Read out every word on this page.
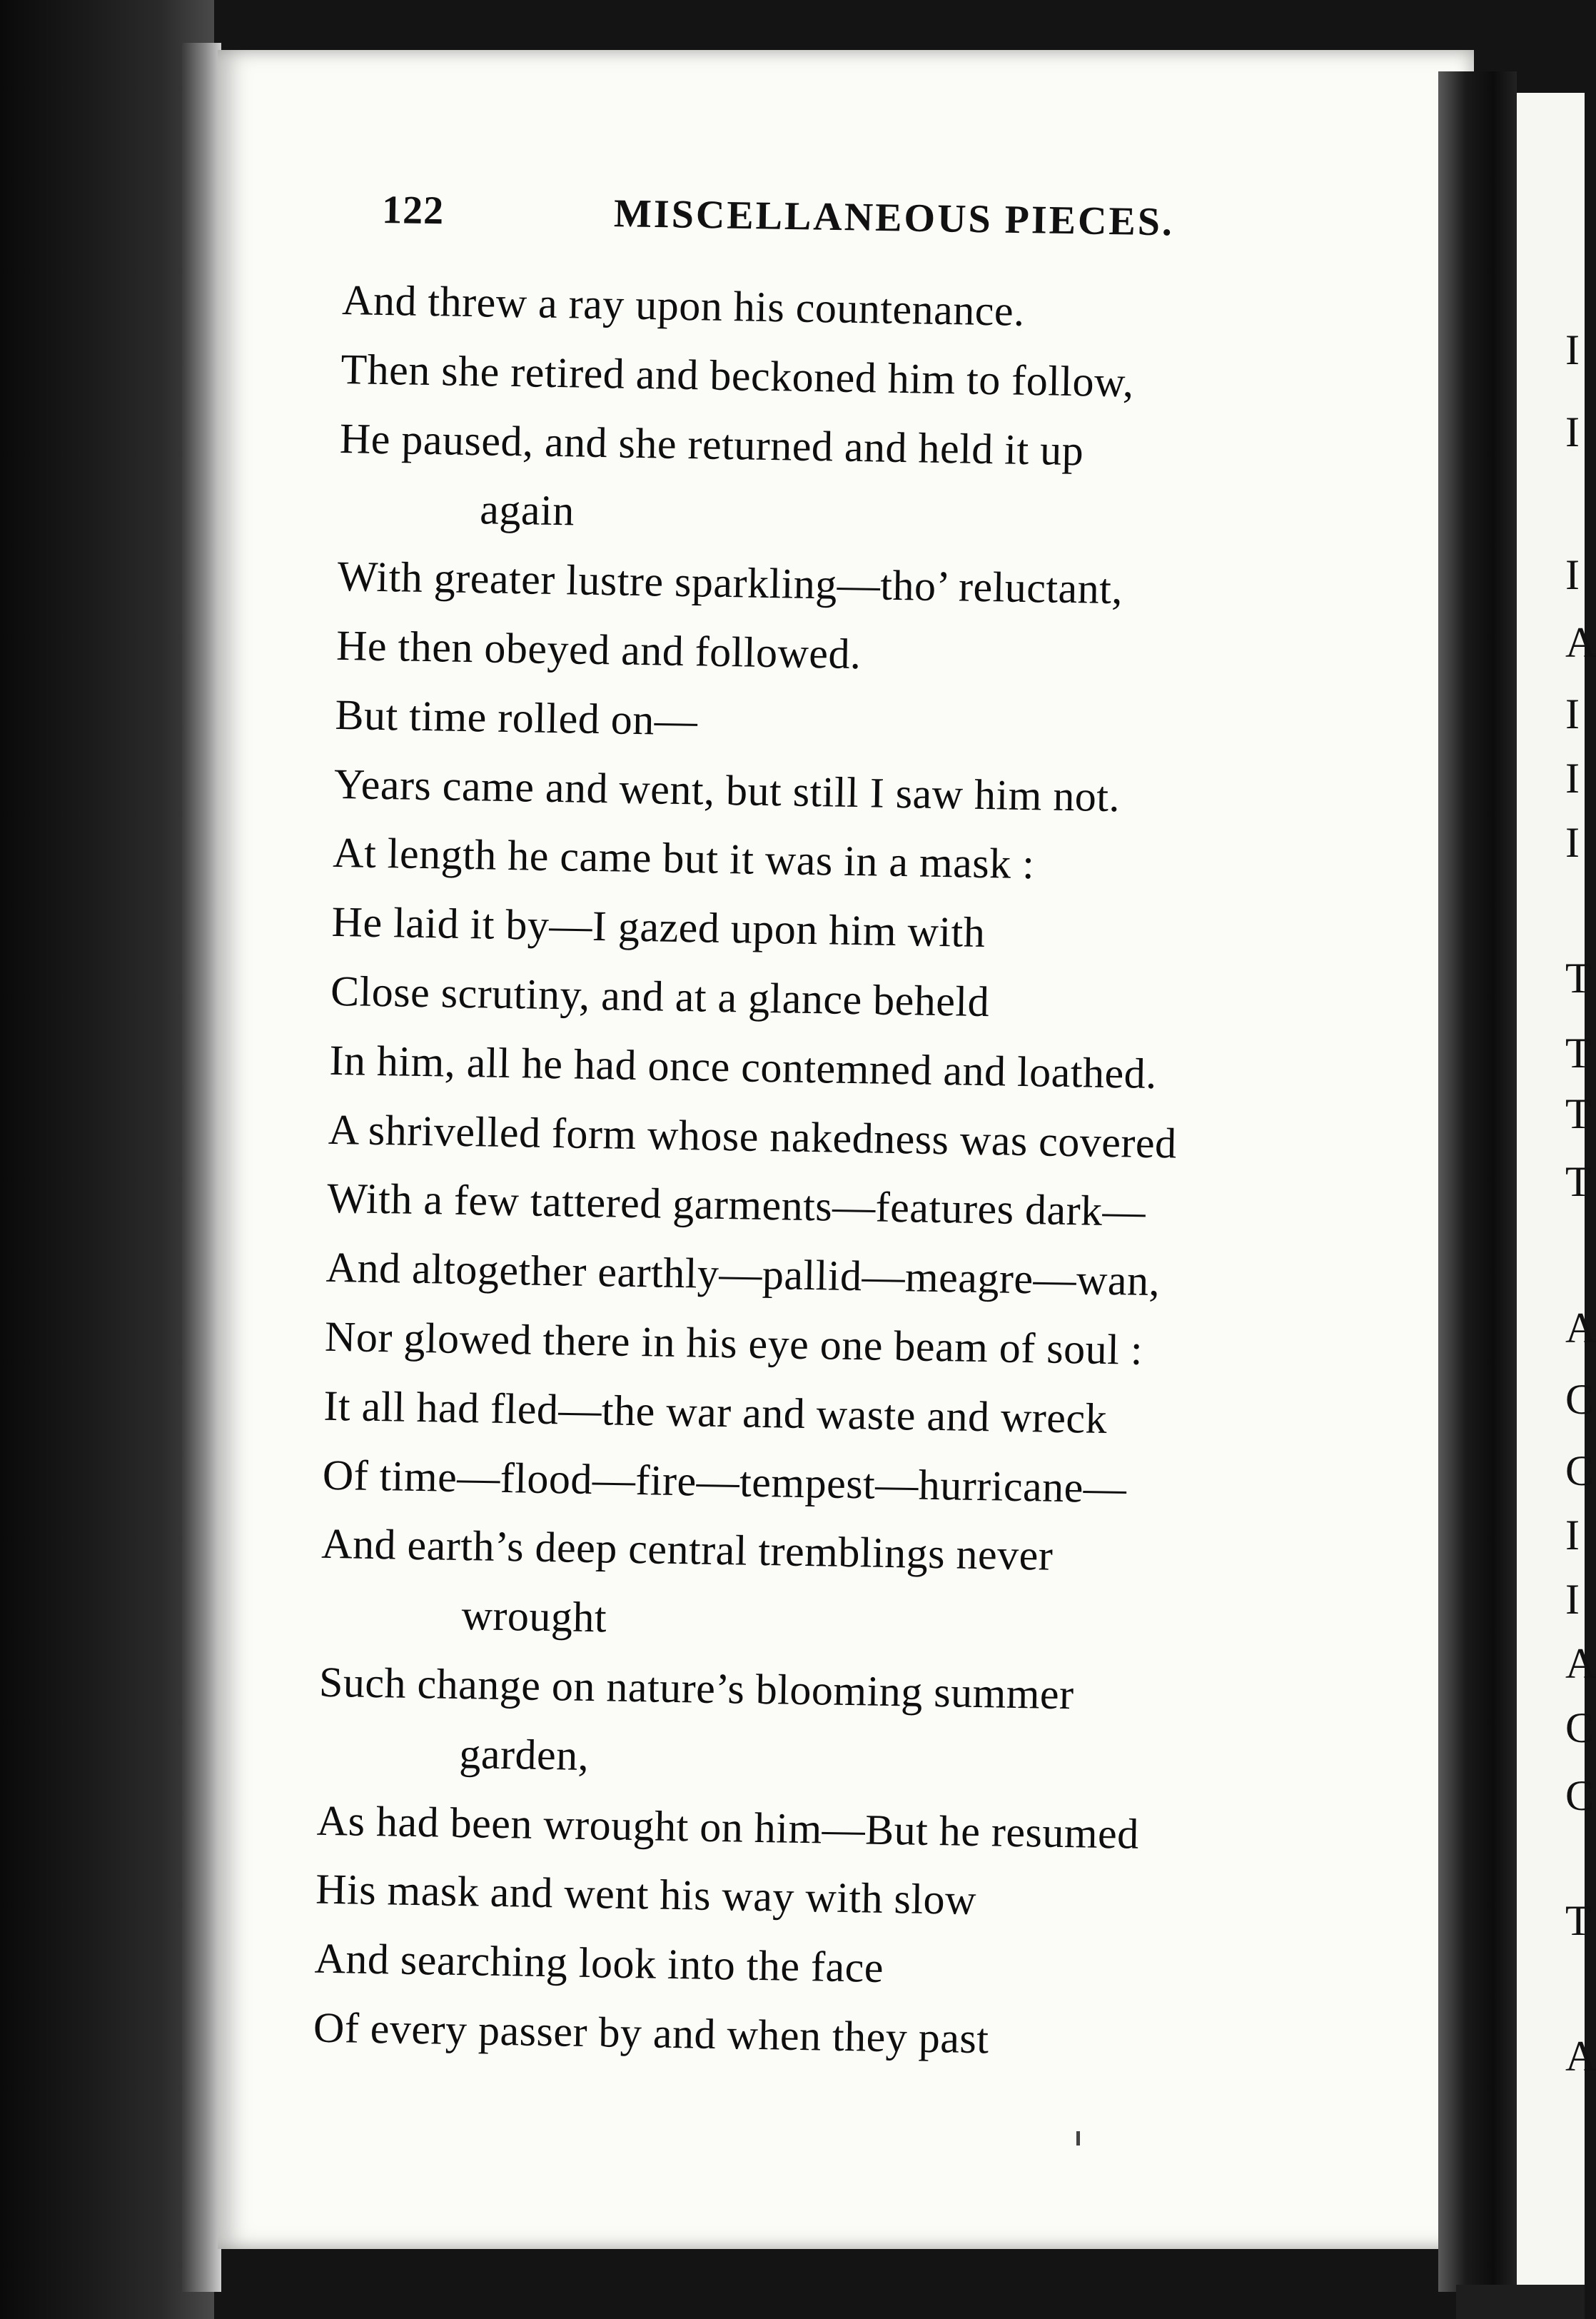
I
I
I
A
I
I
I
T
T
T
T
A
C
C
I
I
A
C
C
T
A
122	MISCELLANEOUS PIECES.
And threw a ray upon his countenance.
Then she retired and beckoned him to follow,
He paused, and she returned and held it up
again
With greater lustre sparkling—tho’ reluctant,
He then obeyed and followed.
But time rolled on—
Years came and went, but still I saw him not.
At length he came but it was in a mask :
He laid it by—I gazed upon him with
Close scrutiny, and at a glance beheld
In him, all he had once contemned and loathed.
A shrivelled form whose nakedness was covered
With a few tattered garments—features dark—
And altogether earthly—pallid—meagre—wan,
Nor glowed there in his eye one beam of soul :
It all had fled—the war and waste and wreck
Of time—flood—fire—tempest—hurricane—
And earth’s deep central tremblings never
wrought
Such change on nature’s blooming summer
garden,
As had been wrought on him—But he resumed
His mask and went his way with slow
And searching look into the face
Of every passer by and when they past
